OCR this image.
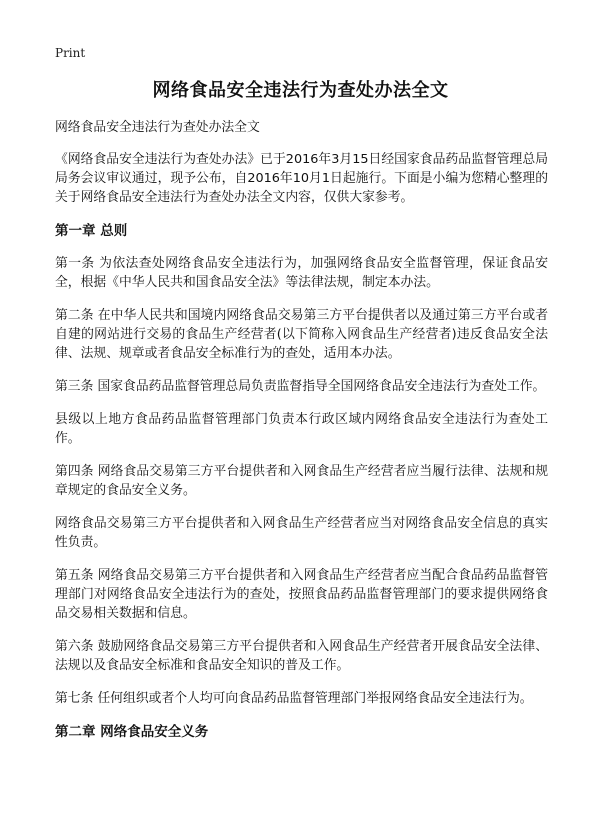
Print
网络食品安全违法行为查处办法全文

网络食品安全违法行为查处办法全文

《网络食品安全违法行为查处办法》已于2016年3月15日经国家食品药品监督管理总局局务会议审议通过，现予公布，自2016年10月1日起施行。下面是小编为您精心整理的关于网络食品安全违法行为查处办法全文内容，仅供大家参考。

第一章 总则

第一条 为依法查处网络食品安全违法行为，加强网络食品安全监督管理，保证食品安全，根据《中华人民共和国食品安全法》等法律法规，制定本办法。

第二条 在中华人民共和国境内网络食品交易第三方平台提供者以及通过第三方平台或者自建的网站进行交易的食品生产经营者(以下简称入网食品生产经营者)违反食品安全法律、法规、规章或者食品安全标准行为的查处，适用本办法。

第三条 国家食品药品监督管理总局负责监督指导全国网络食品安全违法行为查处工作。

县级以上地方食品药品监督管理部门负责本行政区域内网络食品安全违法行为查处工作。

第四条 网络食品交易第三方平台提供者和入网食品生产经营者应当履行法律、法规和规章规定的食品安全义务。

网络食品交易第三方平台提供者和入网食品生产经营者应当对网络食品安全信息的真实性负责。

第五条 网络食品交易第三方平台提供者和入网食品生产经营者应当配合食品药品监督管理部门对网络食品安全违法行为的查处，按照食品药品监督管理部门的要求提供网络食品交易相关数据和信息。

第六条 鼓励网络食品交易第三方平台提供者和入网食品生产经营者开展食品安全法律、法规以及食品安全标准和食品安全知识的普及工作。

第七条 任何组织或者个人均可向食品药品监督管理部门举报网络食品安全违法行为。

第二章 网络食品安全义务
